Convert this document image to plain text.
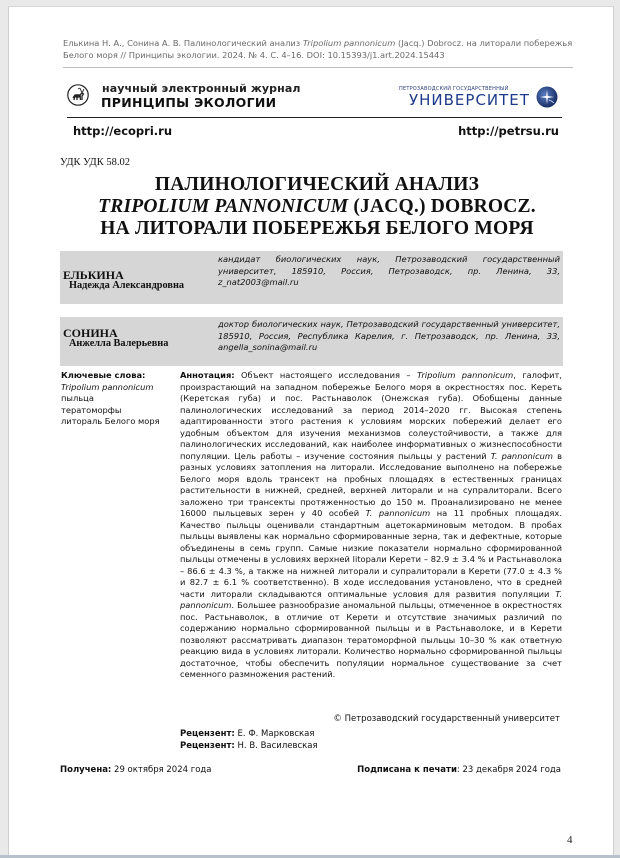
Елькина Н. А., Сонина А. В. Палинологический анализ Tripolium pannonicum (Jacq.) Dobrocz. на литорали побережья
Белого моря // Принципы экологии. 2024. № 4. С. 4–16. DOI: 10.15393/j1.art.2024.15443
научный электронный журнал
ПРИНЦИПЫ ЭКОЛОГИИ
ПЕТРОЗАВОДСКИЙ ГОСУДАРСТВЕННЫЙ
УНИВЕРСИТЕТ
http://ecopri.ru	http://petrsu.ru
УДК УДК 58.02
ПАЛИНОЛОГИЧЕСКИЙ АНАЛИЗ
TRIPOLIUM PANNONICUM (JACQ.) DOBROCZ.
НА ЛИТОРАЛИ ПОБЕРЕЖЬЯ БЕЛОГО МОРЯ
ЕЛЬКИНА
Надежда Александровна
кандидат биологических наук, Петрозаводский государственный университет, 185910, Россия, Петрозаводск, пр. Ленина, 33, z_nat2003@mail.ru
СОНИНА
Анжелла Валерьевна
доктор биологических наук, Петрозаводский государственный университет, 185910, Россия, Республика Карелия, г. Петрозаводск, пр. Ленина, 33, angella_sonina@mail.ru
Ключевые слова:
Tripolium pannonicum
пыльца
тератоморфы
литораль Белого моря
Аннотация: Объект настоящего исследования – Tripolium pannonicum, галофит, произрастающий на западном побережье Белого моря в окрестностях пос. Кереть (Керетская губа) и пос. Растьнаволок (Онежская губа). Обобщены данные палинологических исследований за период 2014–2020 гг. Высокая степень адаптированности этого растения к условиям морских побережий делает его удобным объектом для изучения механизмов солеустойчивости, а также для палинологических исследований, как наиболее информативных о жизнеспособности популяции. Цель работы – изучение состояния пыльцы у растений T. pannonicum в разных условиях затопления на литорали. Исследование выполнено на побережье Белого моря вдоль трансект на пробных площадях в естественных границах растительности в нижней, средней, верхней литорали и на супралиторали. Всего заложено три трансекты протяженностью до 150 м. Проанализировано не менее 16000 пыльцевых зерен у 40 особей T. pannonicum на 11 пробных площадях. Качество пыльцы оценивали стандартным ацетокарминовым методом. В пробах пыльцы выявлены как нормально сформированные зерна, так и дефектные, которые объединены в семь групп. Самые низкие показатели нормально сформированной пыльцы отмечены в условиях верхней litорали Керети – 82.9 ± 3.4 % и Растьнаволока – 86.6 ± 4.3 %, а также на нижней литорали и супралиторали в Керети (77.0 ± 4.3 % и 82.7 ± 6.1 % соответственно). В ходе исследования установлено, что в средней части литорали складываются оптимальные условия для развития популяции T. pannonicum. Большее разнообразие аномальной пыльцы, отмеченное в окрестностях пос. Растьнаволок, в отличие от Керети и отсутствие значимых различий по содержанию нормально сформированной пыльцы и в Растьнаволоке, и в Керети позволяют рассматривать диапазон тератоморфной пыльцы 10–30 % как ответную реакцию вида в условиях литорали. Количество нормально сформированной пыльцы достаточное, чтобы обеспечить популяции нормальное существование за счет семенного размножения растений.
© Петрозаводский государственный университет
Рецензент: Е. Ф. Марковская
Рецензент: Н. В. Василевская
Получена: 29 октября 2024 года	Подписана к печати: 23 декабря 2024 года
4
